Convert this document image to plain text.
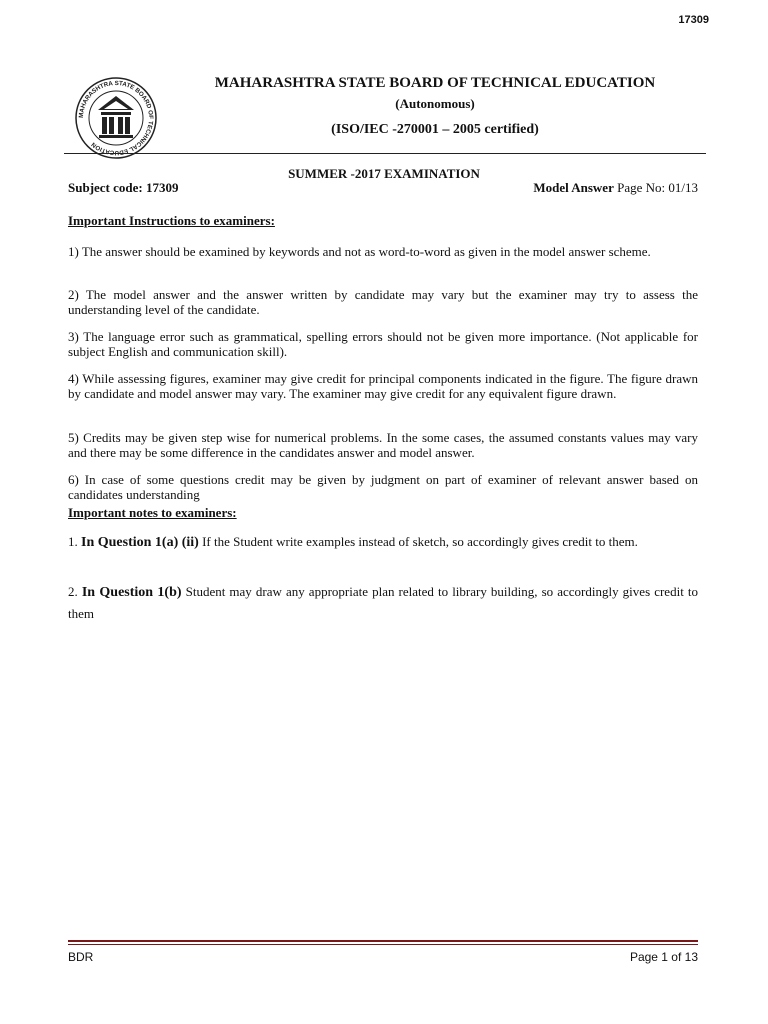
17309
MAHARASHTRA STATE BOARD OF TECHNICAL EDUCATION
MAHARASHTRA STATE BOARD OF TECHNICAL EDUCATION
(Autonomous)
(ISO/IEC -270001 – 2005 certified)
SUMMER -2017 EXAMINATION
Subject code: 17309	Model Answer Page No: 01/13
Important Instructions to examiners:
1) The answer should be examined by keywords and not as word-to-word as given in the model answer scheme.
2) The model answer and the answer written by candidate may vary but the examiner may try to assess the understanding level of the candidate.
3) The language error such as grammatical, spelling errors should not be given more importance. (Not applicable for subject English and communication skill).
4) While assessing figures, examiner may give credit for principal components indicated in the figure. The figure drawn by candidate and model answer may vary. The examiner may give credit for any equivalent figure drawn.
5) Credits may be given step wise for numerical problems. In the some cases, the assumed constants values may vary and there may be some difference in the candidates answer and model answer.
6) In case of some questions credit may be given by judgment on part of examiner of relevant answer based on candidates understanding
Important notes to examiners:
1. In Question 1(a) (ii) If the Student write examples instead of sketch, so accordingly gives credit to them.
2. In Question 1(b) Student may draw any appropriate plan related to library building, so accordingly gives credit to them
BDR	Page 1 of 13
